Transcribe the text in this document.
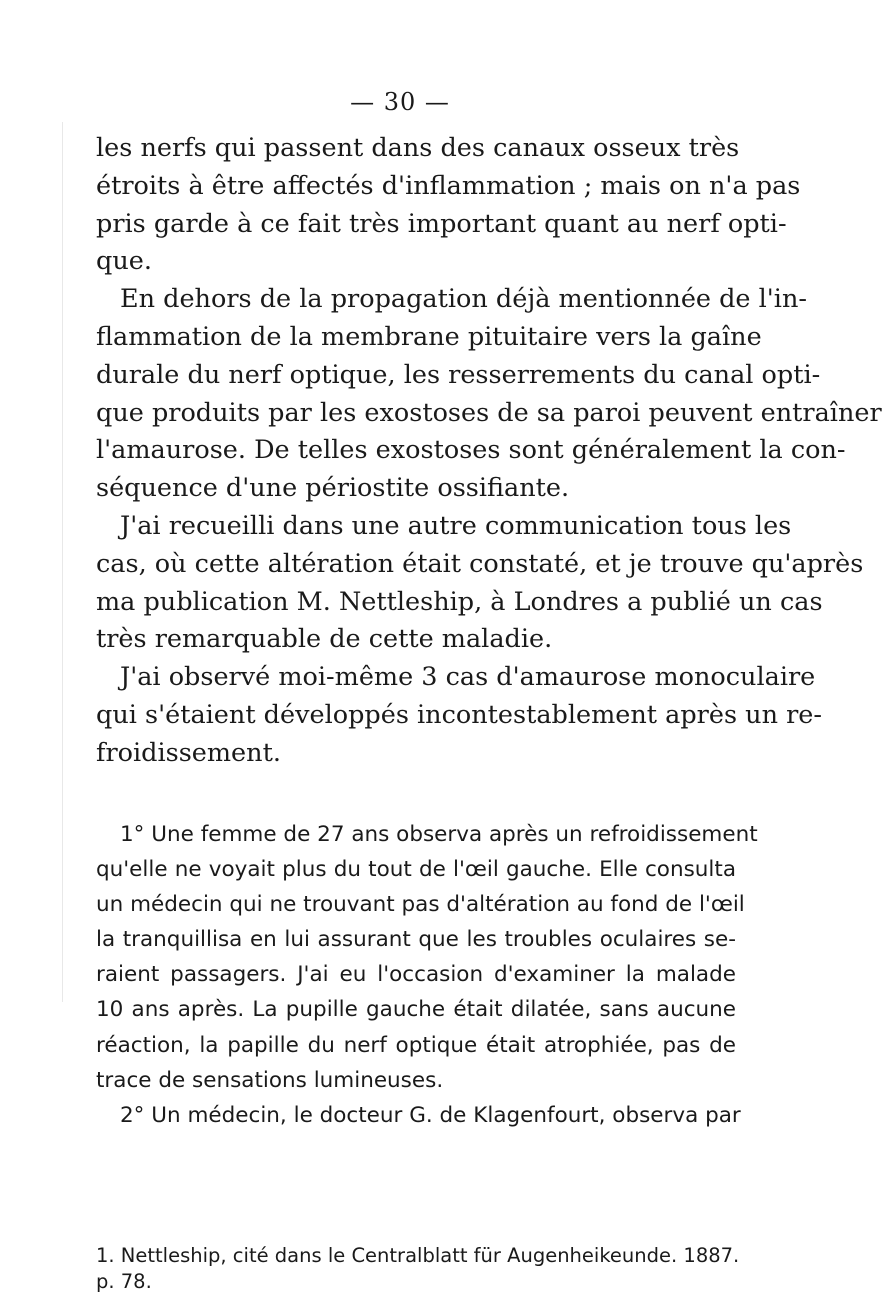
— 30 —
les nerfs qui passent dans des canaux osseux très
étroits à être affectés d'inflammation ; mais on n'a pas
pris garde à ce fait très important quant au nerf opti-
que.
En dehors de la propagation déjà mentionnée de l'in-
flammation de la membrane pituitaire vers la gaîne
durale du nerf optique, les resserrements du canal opti-
que produits par les exostoses de sa paroi peuvent entraîner
l'amaurose. De telles exostoses sont généralement la con-
séquence d'une périostite ossifiante.
J'ai recueilli dans une autre communication tous les
cas, où cette altération était constaté, et je trouve qu'après
ma publication M. Nettleship, à Londres a publié un cas
très remarquable de cette maladie.
J'ai observé moi-même 3 cas d'amaurose monoculaire
qui s'étaient développés incontestablement après un re-
froidissement.
1° Une femme de 27 ans observa après un refroidissement
qu'elle ne voyait plus du tout de l'œil gauche. Elle consulta
un médecin qui ne trouvant pas d'altération au fond de l'œil
la tranquillisa en lui assurant que les troubles oculaires se-
raient passagers. J'ai eu l'occasion d'examiner la malade
10 ans après. La pupille gauche était dilatée, sans aucune
réaction, la papille du nerf optique était atrophiée, pas de
trace de sensations lumineuses.
2° Un médecin, le docteur G. de Klagenfourt, observa par
1. Nettleship, cité dans le Centralblatt für Augenheikeunde. 1887.
p. 78.
